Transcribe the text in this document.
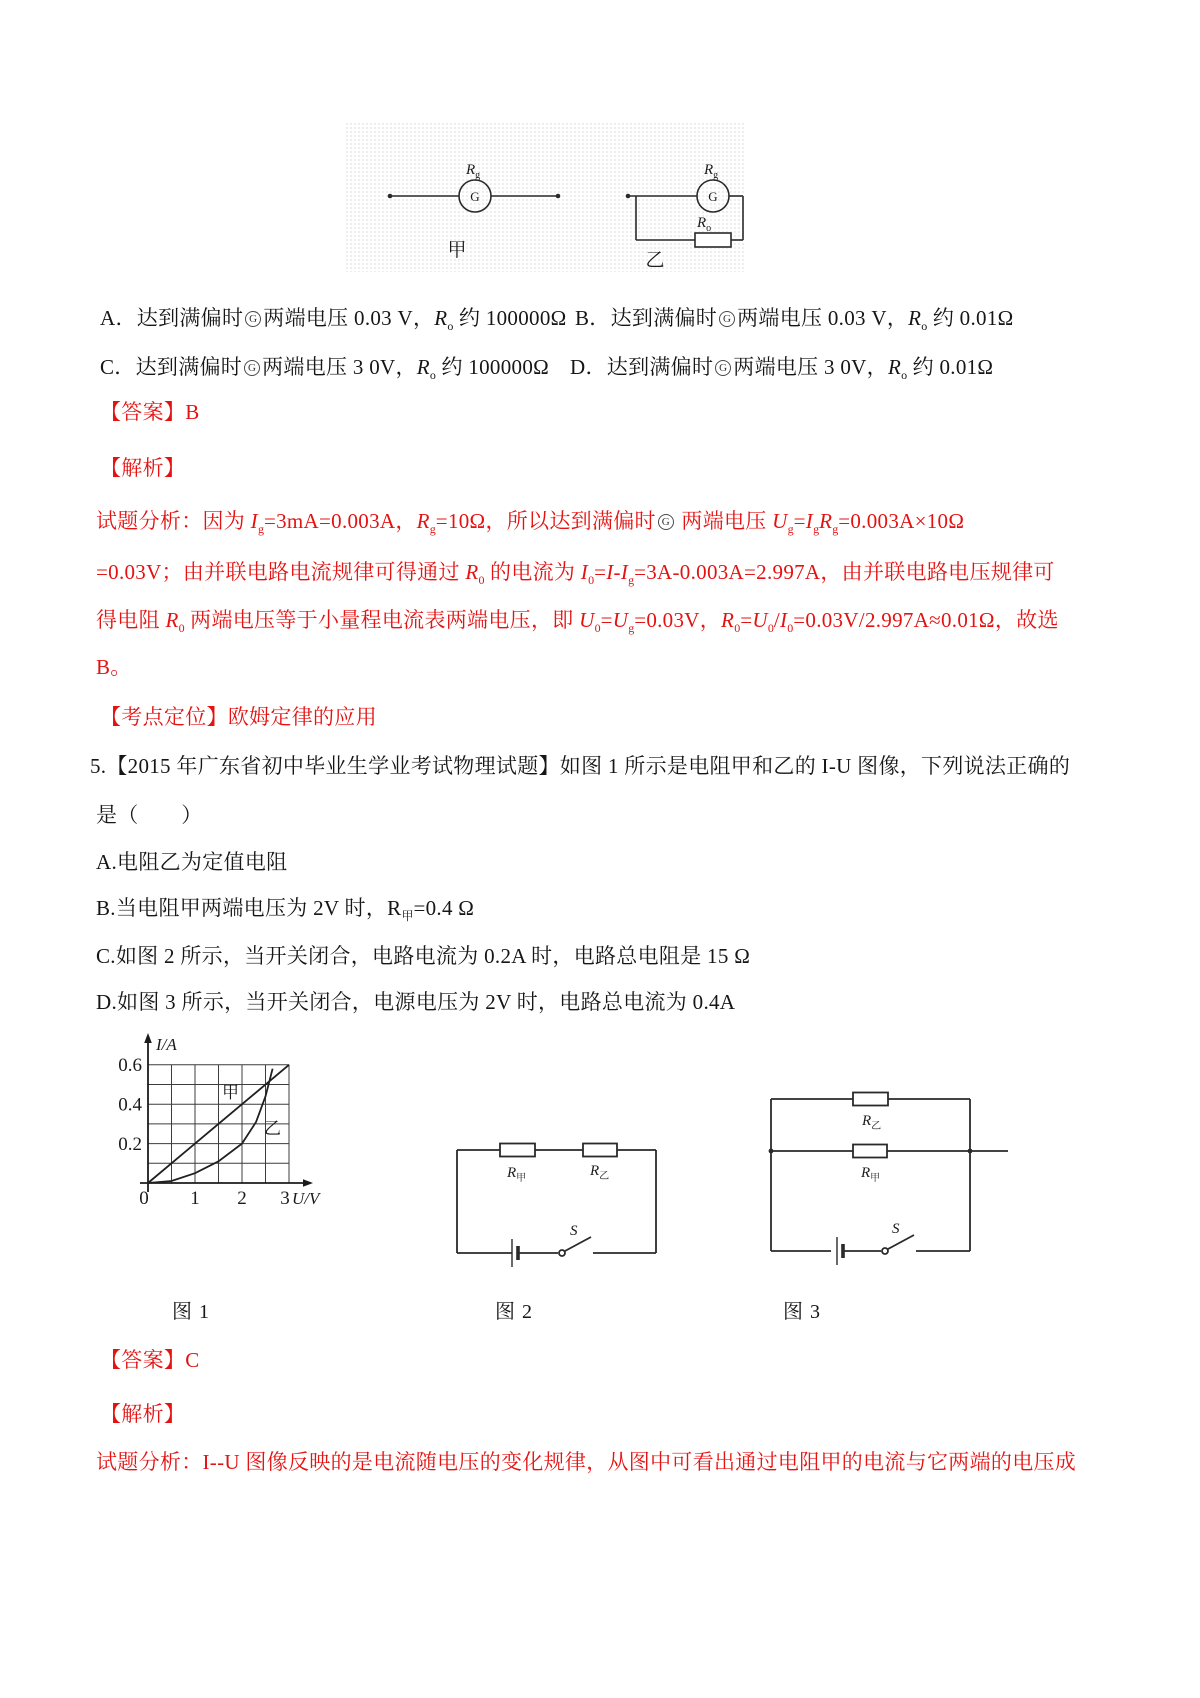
G
$R_g$
甲
G
$R_g$
$R_o$
乙
A．达到满偏时 G 两端电压 0.03 V，$R_o$ 约 100000Ω B．达到满偏时 G 两端电压 0.03 V，$R_o$ 约 0.01Ω
C．达到满偏时 G 两端电压 3 0V，$R_o$ 约 100000Ω D．达到满偏时 G 两端电压 3 0V，$R_o$ 约 0.01Ω
【答案】B
【解析】
试题分析：因为 $I_g=3mA=0.003A$，$R_g=10\Omega$，所以达到满偏时 G 两端电压 $U_g=I_gR_g=0.003A\times 10\Omega$
=0.03V；由并联电路电流规律可得通过 $R_0$ 的电流为 $I_0=I-I_g=3A-0.003A=2.997A$，由并联电路电压规律可
得电阻 $R_0$ 两端电压等于小量程电流表两端电压，即 $U_0=U_g=0.03V$，$R_0=U_0/I_0=0.03V/2.997A\approx 0.01\Omega$，故选
B。
【考点定位】欧姆定律的应用
5.【2015 年广东省初中毕业生学业考试物理试题】如图 1 所示是电阻甲和乙的 I-U 图像，下列说法正确的
是（　　）
A.电阻乙为定值电阻
B.当电阻甲两端电压为 2V 时，$R_甲=0.4$ Ω
C.如图 2 所示，当开关闭合，电路电流为 0.2A 时，电路总电阻是 15 Ω
D.如图 3 所示，当开关闭合，电源电压为 2V 时，电路总电流为 0.4A
I/A
U/V
0.6
0.4
0.2
0 1 2 3
甲
乙
$R_甲$	$R_乙$
S
$R_乙$
$R_甲$
S
图 1	图 2	图 3
【答案】C
【解析】
试题分析：I--U 图像反映的是电流随电压的变化规律，从图中可看出通过电阻甲的电流与它两端的电压成
